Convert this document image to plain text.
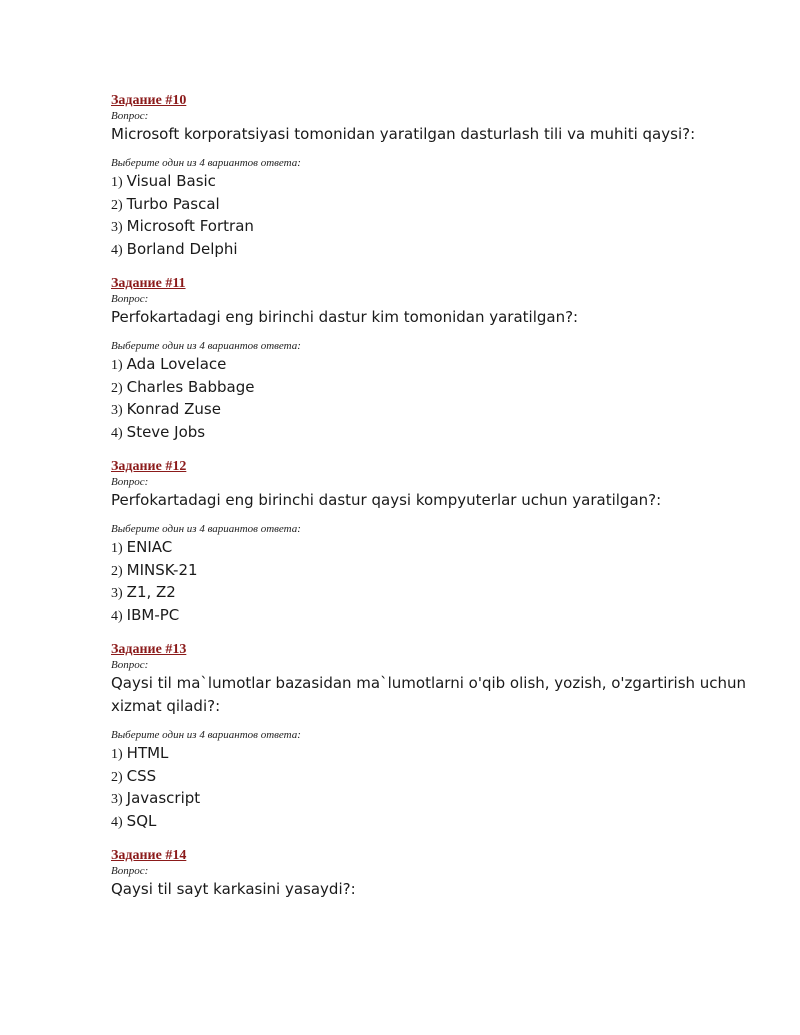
Задание #10

Вопрос:

Microsoft korporatsiyasi tomonidan yaratilgan dasturlash tili va muhiti qaysi?:

Выберите один из 4 вариантов ответа:

1) Visual Basic
2) Turbo Pascal
3) Microsoft Fortran
4) Borland Delphi

Задание #11

Вопрос:

Perfokartadagi eng birinchi dastur kim tomonidan yaratilgan?:

Выберите один из 4 вариантов ответа:

1) Ada Lovelace
2) Charles Babbage
3) Konrad Zuse
4) Steve Jobs

Задание #12

Вопрос:

Perfokartadagi eng birinchi dastur qaysi kompyuterlar uchun yaratilgan?:

Выберите один из 4 вариантов ответа:

1) ENIAC
2) MINSK-21
3) Z1, Z2
4) IBM-PC

Задание #13

Вопрос:

Qaysi til ma`lumotlar bazasidan ma`lumotlarni o'qib olish, yozish, o'zgartirish uchun xizmat qiladi?:

Выберите один из 4 вариантов ответа:

1) HTML
2) CSS
3) Javascript
4) SQL

Задание #14

Вопрос:

Qaysi til sayt karkasini yasaydi?:
